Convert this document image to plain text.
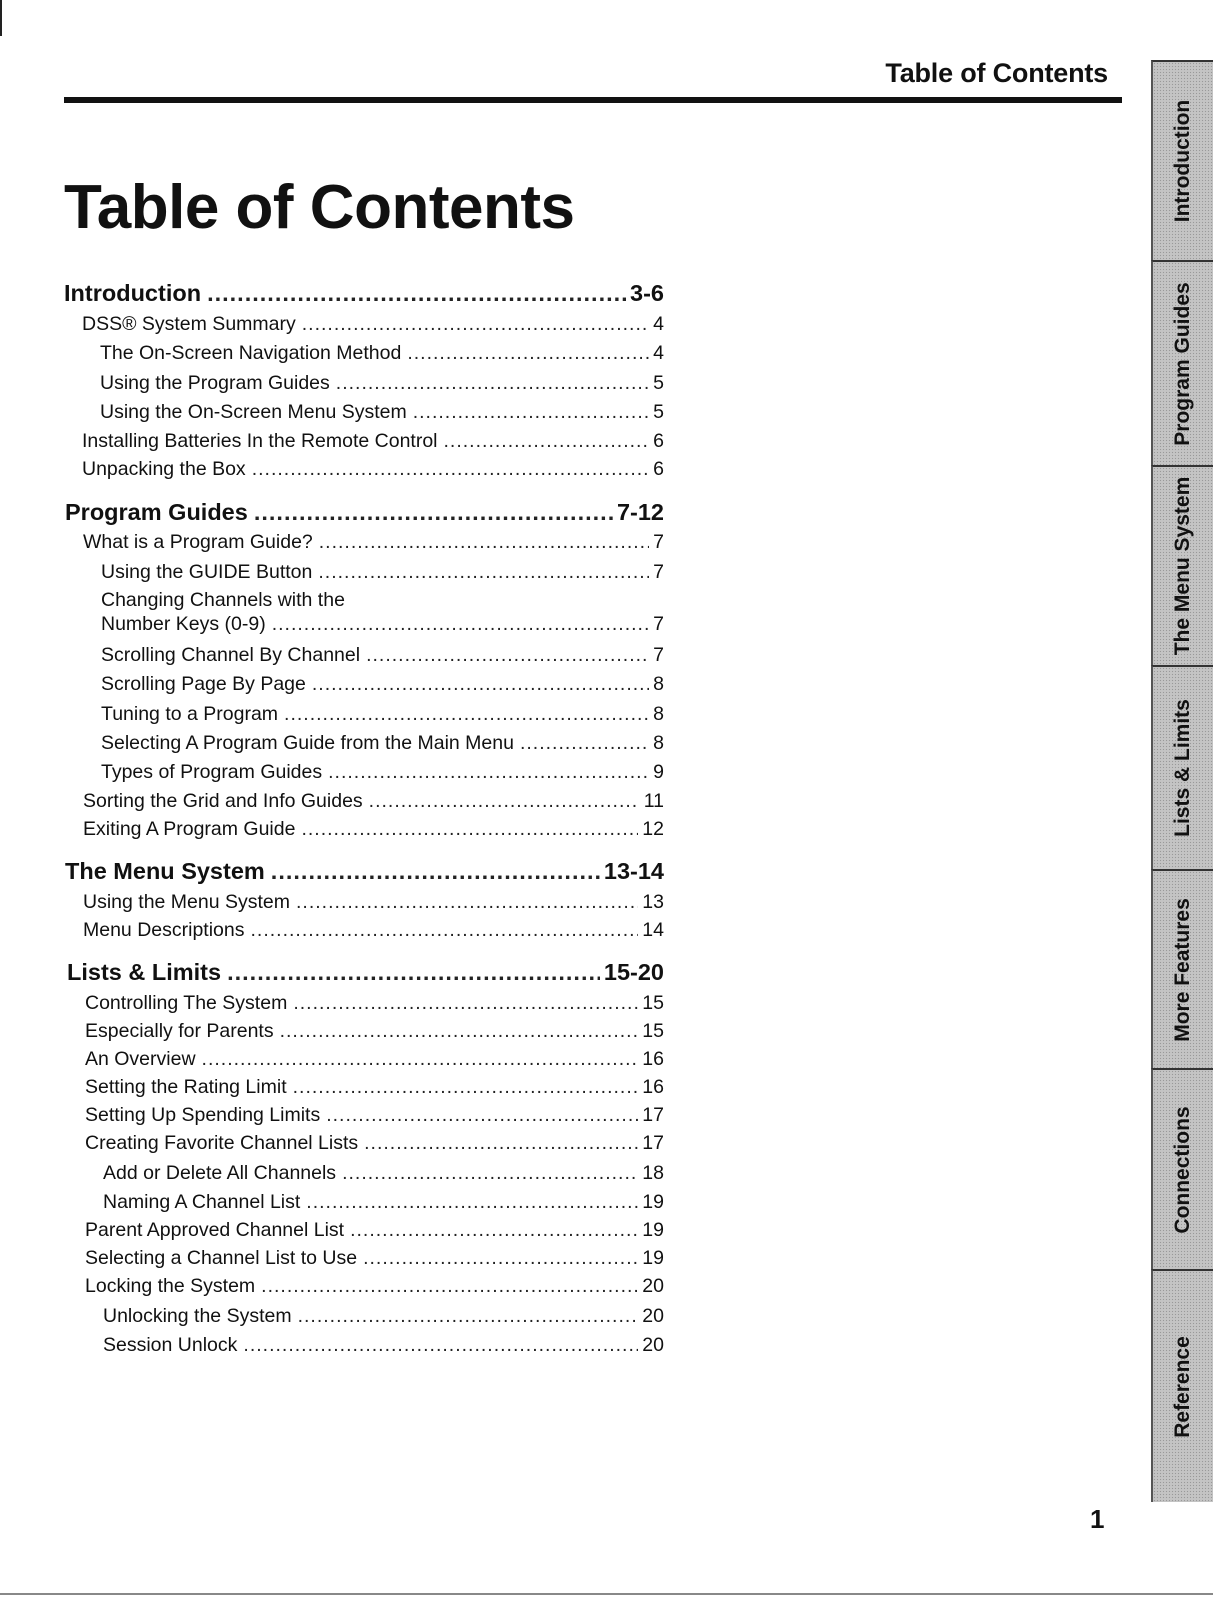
Table of Contents
Table of Contents
Introduction .....	3-6
DSS® System Summary .....	4
The On-Screen Navigation Method .....	4
Using the Program Guides .....	5
Using the On-Screen Menu System .....	5
Installing Batteries In the Remote Control .....	6
Unpacking the Box .....	6
Program Guides .....	7-12
What is a Program Guide? .....	7
Using the GUIDE Button .....	7
Changing Channels with the
Number Keys (0-9) .....	7
Scrolling Channel By Channel .....	7
Scrolling Page By Page .....	8
Tuning to a Program .....	8
Selecting A Program Guide from the Main Menu .....	8
Types of Program Guides .....	9
Sorting the Grid and Info Guides .....	11
Exiting A Program Guide .....	12
The Menu System .....	13-14
Using the Menu System .....	13
Menu Descriptions .....	14
Lists & Limits .....	15-20
Controlling The System .....	15
Especially for Parents .....	15
An Overview .....	16
Setting the Rating Limit .....	16
Setting Up Spending Limits .....	17
Creating Favorite Channel Lists .....	17
Add or Delete All Channels .....	18
Naming A Channel List .....	19
Parent Approved Channel List .....	19
Selecting a Channel List to Use .....	19
Locking the System .....	20
Unlocking the System .....	20
Session Unlock .....	20
Introduction
Program Guides
The Menu System
Lists & Limits
More Features
Connections
Reference
1
